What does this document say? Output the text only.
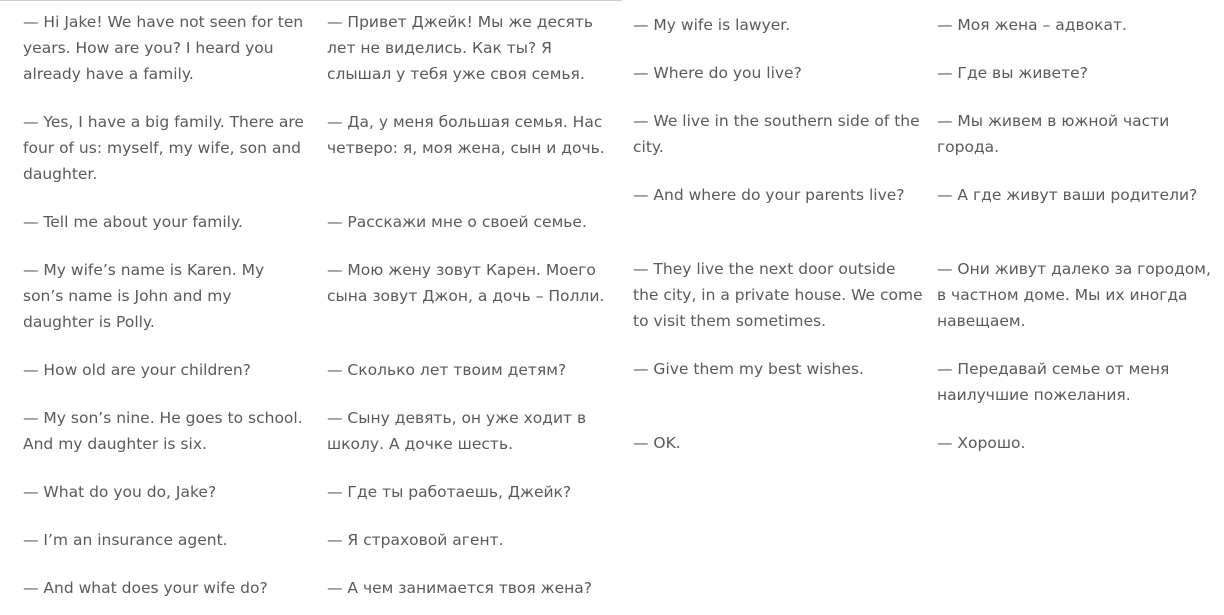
— Hi Jake! We have not seen for ten years. How are you? I heard you already have a family.

— Yes, I have a big family. There are four of us: myself, my wife, son and daughter.

— Tell me about your family.

— My wife’s name is Karen. My son’s name is John and my daughter is Polly.

— How old are your children?

— My son’s nine. He goes to school. And my daughter is six.

— What do you do, Jake?

— I’m an insurance agent.

— And what does your wife do?

— Привет Джейк! Мы же десять лет не виделись. Как ты? Я слышал у тебя уже своя семья.

— Да, у меня большая семья. Нас четверо: я, моя жена, сын и дочь.

— Расскажи мне о своей семье.

— Мою жену зовут Карен. Моего сына зовут Джон, а дочь – Полли.

— Сколько лет твоим детям?

— Сыну девять, он уже ходит в школу. А дочке шесть.

— Где ты работаешь, Джейк?

— Я страховой агент.

— А чем занимается твоя жена?

— My wife is lawyer.

— Where do you live?

— We live in the southern side of the city.

— And where do your parents live?

— They live the next door outside the city, in a private house. We come to visit them sometimes.

— Give them my best wishes.

— OK.

— Моя жена – адвокат.

— Где вы живете?

— Мы живем в южной части города.

— А где живут ваши родители?

— Они живут далеко за городом, в частном доме. Мы их иногда навещаем.

— Передавай семье от меня наилучшие пожелания.

— Хорошо.
